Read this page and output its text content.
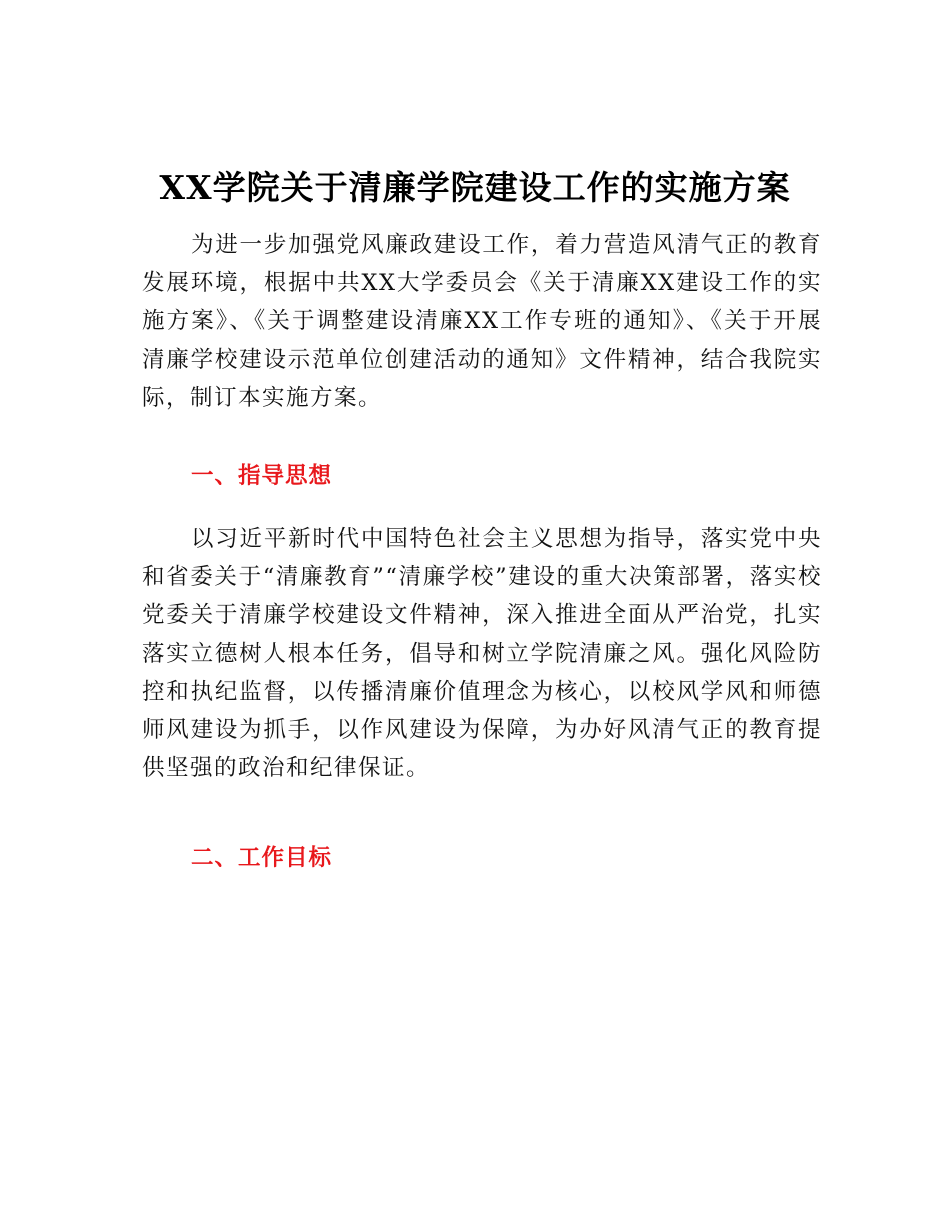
XX学院关于清廉学院建设工作的实施方案

为进一步加强党风廉政建设工作，着力营造风清气正的教育发展环境，根据中共XX大学委员会《关于清廉XX建设工作的实施方案》、《关于调整建设清廉XX工作专班的通知》、《关于开展清廉学校建设示范单位创建活动的通知》文件精神，结合我院实际，制订本实施方案。

一、指导思想

以习近平新时代中国特色社会主义思想为指导，落实党中央和省委关于“清廉教育”“清廉学校”建设的重大决策部署，落实校党委关于清廉学校建设文件精神，深入推进全面从严治党，扎实落实立德树人根本任务，倡导和树立学院清廉之风。强化风险防控和执纪监督，以传播清廉价值理念为核心，以校风学风和师德师风建设为抓手，以作风建设为保障，为办好风清气正的教育提供坚强的政治和纪律保证。

二、工作目标
